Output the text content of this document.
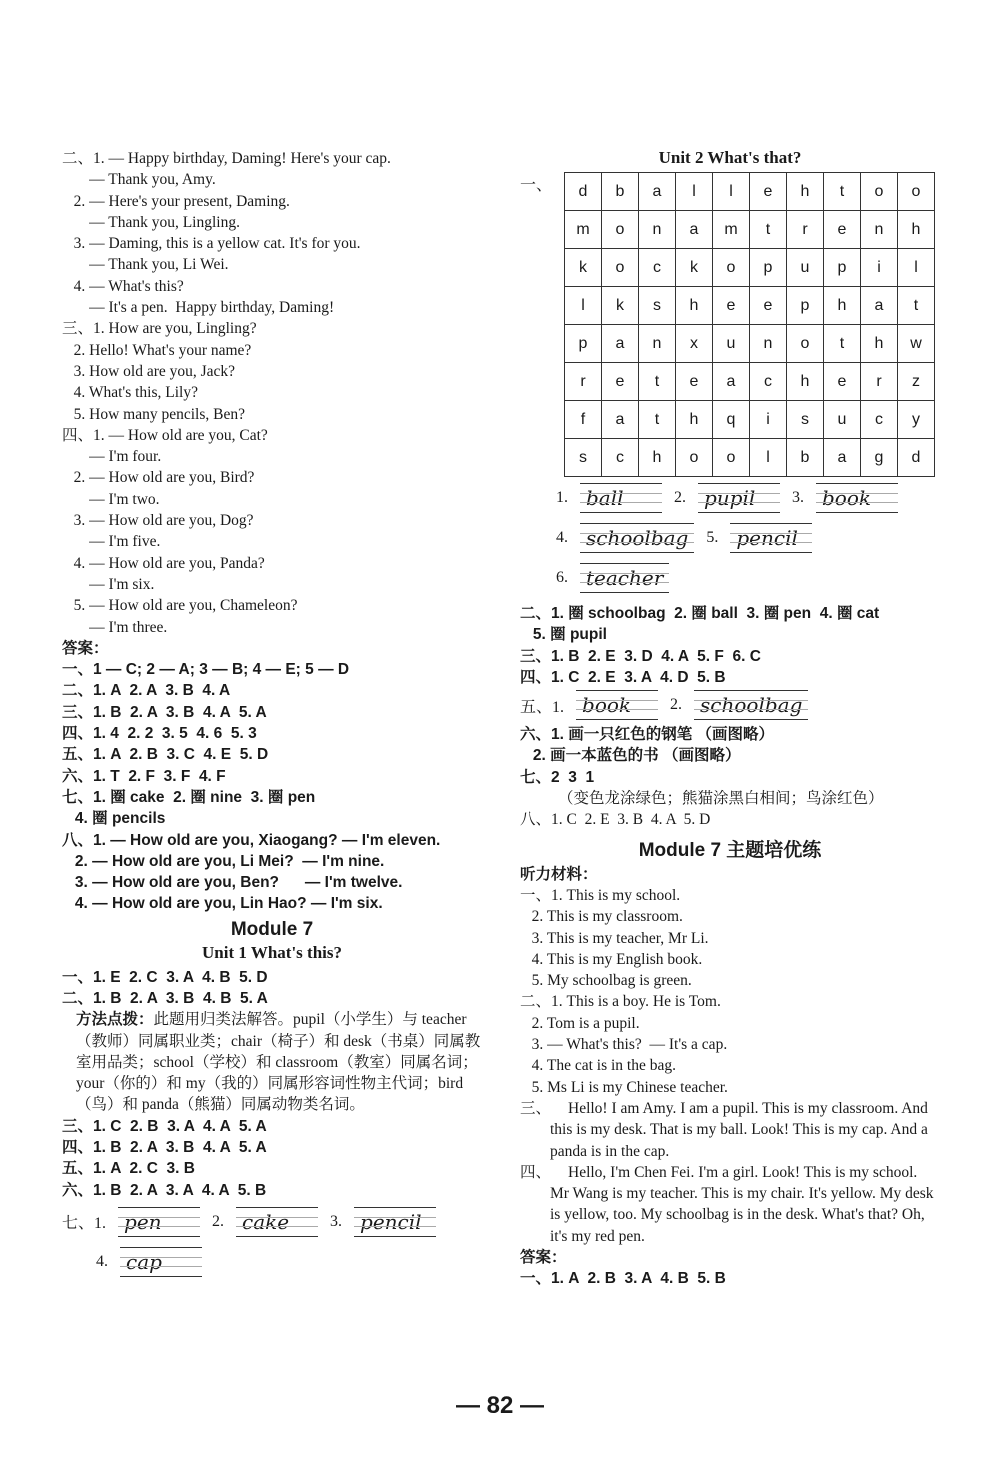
二、1. — Happy birthday, Daming! Here's your cap.
— Thank you, Amy.
2. — Here's your present, Daming.
— Thank you, Lingling.
3. — Daming, this is a yellow cat. It's for you.
— Thank you, Li Wei.
4. — What's this?
— It's a pen.  Happy birthday, Daming!
三、1. How are you, Lingling?
2. Hello! What's your name?
3. How old are you, Jack?
4. What's this, Lily?
5. How many pencils, Ben?
四、1. — How old are you, Cat?
— I'm four.
2. — How old are you, Bird?
— I'm two.
3. — How old are you, Dog?
— I'm five.
4. — How old are you, Panda?
— I'm six.
5. — How old are you, Chameleon?
— I'm three.
答案：
一、1 — C; 2 — A; 3 — B; 4 — E; 5 — D
二、1. A  2. A  3. B  4. A
三、1. B  2. A  3. B  4. A  5. A
四、1. 4  2. 2  3. 5  4. 6  5. 3
五、1. A  2. B  3. C  4. E  5. D
六、1. T  2. F  3. F  4. F
七、1. 圈 cake  2. 圈 nine  3. 圈 pen
4. 圈 pencils
八、1. — How old are you, Xiaogang? — I'm eleven.
2. — How old are you, Li Mei?  — I'm nine.
3. — How old are you, Ben?      — I'm twelve.
4. — How old are you, Lin Hao? — I'm six.
Module 7
Unit 1 What's this?
一、1. E  2. C  3. A  4. B  5. D
二、1. B  2. A  3. B  4. B  5. A
方法点拨：此题用归类法解答。pupil（小学生）与 teacher（教师）同属职业类；chair（椅子）和 desk（书桌）同属教室用品类；school（学校）和 classroom（教室）同属名词；your（你的）和 my（我的）同属形容词性物主代词；bird（鸟）和 panda（熊猫）同属动物类名词。
三、1. C  2. B  3. A  4. A  5. A
四、1. B  2. A  3. B  4. A  5. A
五、1. A  2. C  3. B
六、1. B  2. A  3. A  4. A  5. B
七、1. pen	2. cake	3. pencil
4. cap
Unit 2 What's that?
一、 d	b	a	l	l	e	h	t	o	o
m	o	n	a	m	t	r	e	n	h
k	o	c	k	o	p	u	p	i	l
l	k	s	h	e	e	p	h	a	t
p	a	n	x	u	n	o	t	h	w
r	e	t	e	a	c	h	e	r	z
f	a	t	h	q	i	s	u	c	y
s	c	h	o	o	l	b	a	g	d
1. ball	2. pupil	3. book
4. schoolbag	5. pencil
6. teacher
二、1. 圈 schoolbag  2. 圈 ball  3. 圈 pen  4. 圈 cat
5. 圈 pupil
三、1. B  2. E  3. D  4. A  5. F  6. C
四、1. C  2. E  3. A  4. D  5. B
五、1. book	2. schoolbag
六、1. 画一只红色的钢笔 （画图略）
2. 画一本蓝色的书 （画图略）
七、2  3  1
（变色龙涂绿色；熊猫涂黑白相间；鸟涂红色）
八、1. C  2. E  3. B  4. A  5. D
Module 7 主题培优练
听力材料：
一、1. This is my school.
2. This is my classroom.
3. This is my teacher, Mr Li.
4. This is my English book.
5. My schoolbag is green.
二、1. This is a boy. He is Tom.
2. Tom is a pupil.
3. — What's this?  — It's a cap.
4. The cat is in the bag.
5. Ms Li is my Chinese teacher.
三、 Hello! I am Amy. I am a pupil. This is my classroom. And this is my desk. That is my ball. Look! This is my cap. And a panda is in the cap.
四、 Hello, I'm Chen Fei. I'm a girl. Look! This is my school. Mr Wang is my teacher. This is my chair. It's yellow. My desk is yellow, too. My schoolbag is in the desk. What's that? Oh, it's my red pen.
答案：
一、1. A  2. B  3. A  4. B  5. B
— 82 —
